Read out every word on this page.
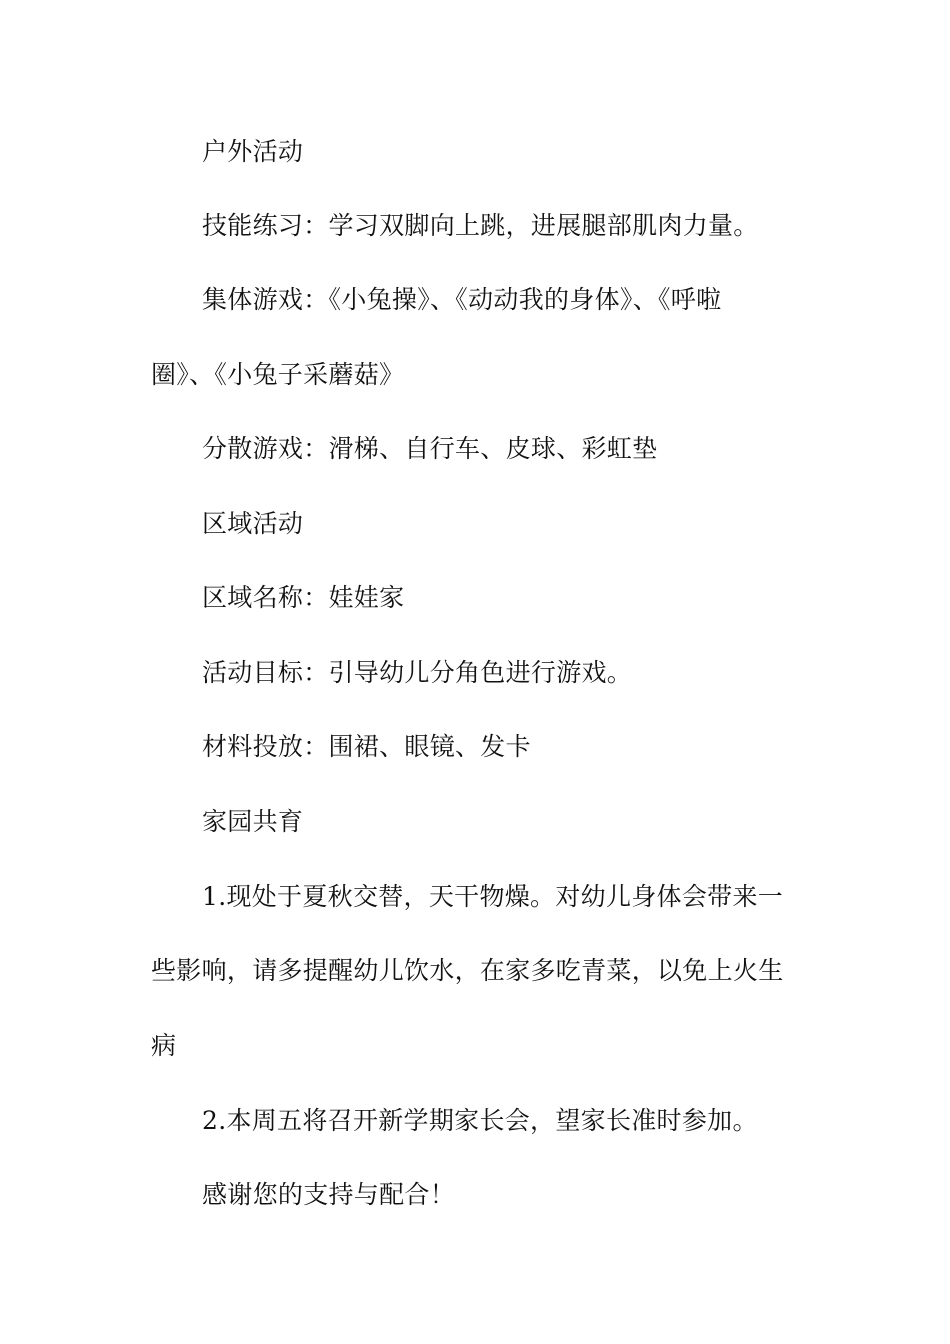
户外活动
技能练习：学习双脚向上跳，进展腿部肌肉力量。
集体游戏：《小兔操》、《动动我的身体》、《呼啦
圈》、《小兔子采蘑菇》
分散游戏：滑梯、自行车、皮球、彩虹垫
区域活动
区域名称：娃娃家
活动目标：引导幼儿分角色进行游戏。
材料投放：围裙、眼镜、发卡
家园共育
1.现处于夏秋交替，天干物燥。对幼儿身体会带来一
些影响，请多提醒幼儿饮水，在家多吃青菜，以免上火生
病
2.本周五将召开新学期家长会，望家长准时参加。
感谢您的支持与配合！
